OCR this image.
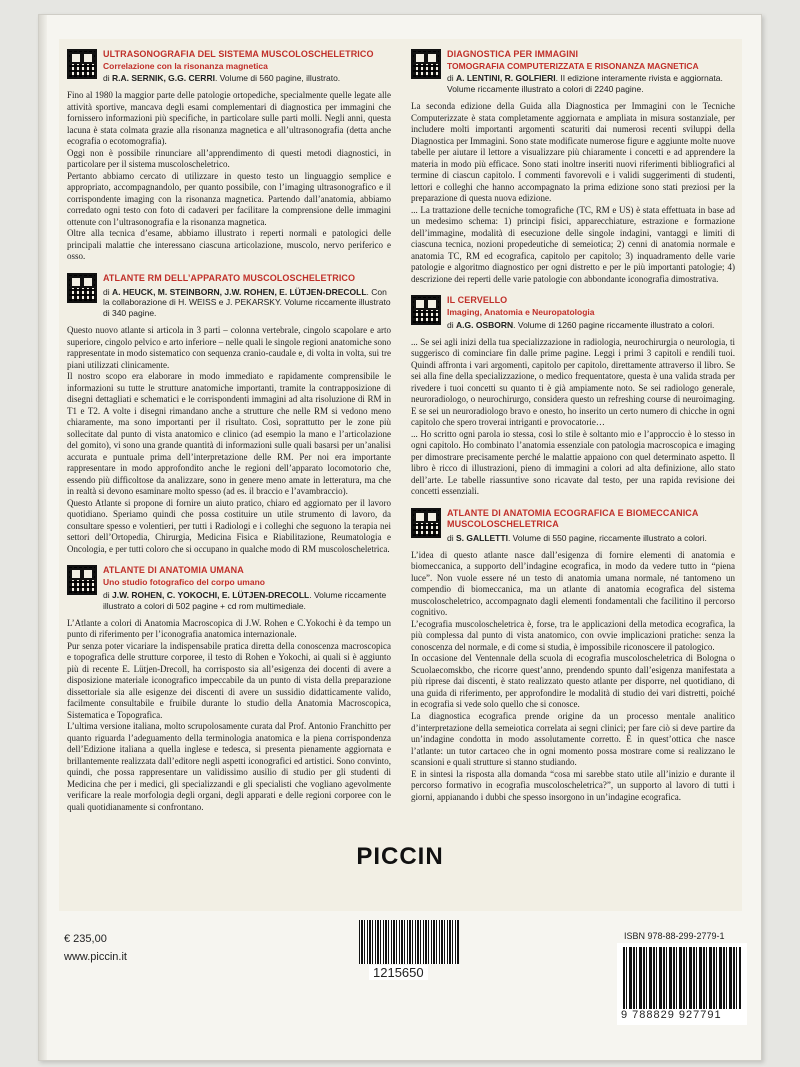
ULTRASONOGRAFIA DEL SISTEMA MUSCOLOSCHELETRICO
Correlazione con la risonanza magnetica
di R.A. SERNIK, G.G. CERRI. Volume di 560 pagine, illustrato.

Fino al 1980 la maggior parte delle patologie ortopediche, specialmente quelle legate alle attività sportive, mancava degli esami complementari di diagnostica per immagini che fornissero informazioni più specifiche, in particolare sulle parti molli. Negli anni, questa lacuna è stata colmata grazie alla risonanza magnetica e all’ultrasonografia (detta anche ecografia o ecotomografia).

Oggi non è possibile rinunciare all’apprendimento di questi metodi diagnostici, in particolare per il sistema muscoloscheletrico.

Pertanto abbiamo cercato di utilizzare in questo testo un linguaggio semplice e appropriato, accompagnandolo, per quanto possibile, con l’imaging ultrasonografico e il corrispondente imaging con la risonanza magnetica. Partendo dall’anatomia, abbiamo corredato ogni testo con foto di cadaveri per facilitare la comprensione delle immagini ottenute con l’ultrasonografia e la risonanza magnetica.

Oltre alla tecnica d’esame, abbiamo illustrato i reperti normali e patologici delle principali malattie che interessano ciascuna articolazione, muscolo, nervo periferico e osso.

ATLANTE RM DELL’APPARATO MUSCOLOSCHELETRICO
di A. HEUCK, M. STEINBORN, J.W. ROHEN, E. LÜTJEN-DRECOLL. Con la collaborazione di H. WEISS e J. PEKARSKY. Volume riccamente illustrato di 340 pagine.

Questo nuovo atlante si articola in 3 parti – colonna vertebrale, cingolo scapolare e arto superiore, cingolo pelvico e arto inferiore – nelle quali le singole regioni anatomiche sono rappresentate in modo sistematico con sequenza cranio-caudale e, di volta in volta, sui tre piani utilizzati clinicamente.

Il nostro scopo era elaborare in modo immediato e rapidamente comprensibile le informazioni su tutte le strutture anatomiche importanti, tramite la contrapposizione di disegni dettagliati e schematici e le corrispondenti immagini ad alta risoluzione di RM in T1 e T2. A volte i disegni rimandano anche a strutture che nelle RM si vedono meno chiaramente, ma sono importanti per il risultato. Così, soprattutto per le zone più sollecitate dal punto di vista anatomico e clinico (ad esempio la mano e l’articolazione del gomito), vi sono una grande quantità di informazioni sulle quali basarsi per un’analisi accurata e puntuale prima dell’interpretazione delle RM. Per noi era importante rappresentare in modo approfondito anche le regioni dell’apparato locomotorio che, essendo più difficoltose da analizzare, sono in genere meno amate in letteratura, ma che in realtà si devono esaminare molto spesso (ad es. il braccio e l’avambraccio).

Questo Atlante si propone di fornire un aiuto pratico, chiaro ed aggiornato per il lavoro quotidiano. Speriamo quindi che possa costituire un utile strumento di lavoro, da consultare spesso e volentieri, per tutti i Radiologi e i colleghi che seguono la terapia nei settori dell’Ortopedia, Chirurgia, Medicina Fisica e Riabilitazione, Reumatologia e Oncologia, e per tutti coloro che si occupano in qualche modo di RM muscoloscheletrica.

ATLANTE DI ANATOMIA UMANA
Uno studio fotografico del corpo umano
di J.W. ROHEN, C. YOKOCHI, E. LÜTJEN-DRECOLL. Volume riccamente illustrato a colori di 502 pagine + cd rom multimediale.

L’Atlante a colori di Anatomia Macroscopica di J.W. Rohen e C.Yokochi è da tempo un punto di riferimento per l’iconografia anatomica internazionale.

Pur senza poter vicariare la indispensabile pratica diretta della conoscenza macroscopica e topografica delle strutture corporee, il testo di Rohen e Yokochi, ai quali si è aggiunto più di recente E. Lütjen-Drecoll, ha corrisposto sia all’esigenza dei docenti di avere a disposizione materiale iconografico impeccabile da un punto di vista della preparazione dissettoriale sia alle esigenze dei discenti di avere un sussidio didatticamente valido, facilmente consultabile e fruibile durante lo studio della Anatomia Macroscopica, Sistematica e Topografica.

L’ultima versione italiana, molto scrupolosamente curata dal Prof. Antonio Franchitto per quanto riguarda l’adeguamento della terminologia anatomica e la piena corrispondenza dell’Edizione italiana a quella inglese e tedesca, si presenta pienamente aggiornata e brillantemente realizzata dall’editore negli aspetti iconografici ed artistici. Sono convinto, quindi, che possa rappresentare un validissimo ausilio di studio per gli studenti di Medicina che per i medici, gli specializzandi e gli specialisti che vogliano agevolmente verificare la reale morfologia degli organi, degli apparati e delle regioni corporee con le quali quotidianamente si confrontano.

DIAGNOSTICA PER IMMAGINI
TOMOGRAFIA COMPUTERIZZATA E RISONANZA MAGNETICA
di A. LENTINI, R. GOLFIERI. II edizione interamente rivista e aggiornata. Volume riccamente illustrato a colori di 2240 pagine.

La seconda edizione della Guida alla Diagnostica per Immagini con le Tecniche Computerizzate è stata completamente aggiornata e ampliata in misura sostanziale, per includere molti importanti argomenti scaturiti dai numerosi recenti sviluppi della Diagnostica per Immagini. Sono state modificate numerose figure e aggiunte molte nuove tabelle per aiutare il lettore a visualizzare più chiaramente i concetti e ad apprendere la materia in modo più efficace. Sono stati inoltre inseriti nuovi riferimenti bibliografici al termine di ciascun capitolo. I commenti favorevoli e i validi suggerimenti di studenti, lettori e colleghi che hanno accompagnato la prima edizione sono stati preziosi per la preparazione di questa nuova edizione.

... La trattazione delle tecniche tomografiche (TC, RM e US) è stata effettuata in base ad un medesimo schema: 1) principi fisici, apparecchiature, estrazione e formazione dell’immagine, modalità di esecuzione delle singole indagini, vantaggi e limiti di ciascuna tecnica, nozioni propedeutiche di semeiotica; 2) cenni di anatomia normale e anatomia TC, RM ed ecografica, capitolo per capitolo; 3) inquadramento delle varie patologie e algoritmo diagnostico per ogni distretto e per le più importanti patologie; 4) descrizione dei reperti delle varie patologie con abbondante iconografia dimostrativa.

IL CERVELLO
Imaging, Anatomia e Neuropatologia
di A.G. OSBORN. Volume di 1260 pagine riccamente illustrato a colori.

... Se sei agli inizi della tua specializzazione in radiologia, neurochirurgia o neurologia, ti suggerisco di cominciare fin dalle prime pagine. Leggi i primi 3 capitoli e rendili tuoi. Quindi affronta i vari argomenti, capitolo per capitolo, direttamente attraverso il libro. Se sei alla fine della specializzazione, o medico frequentatore, questa è una valida strada per rivedere i tuoi concetti su quanto ti è già ampiamente noto. Se sei radiologo generale, neuroradiologo, o neurochirurgo, considera questo un refreshing course di neuroimaging. E se sei un neuroradiologo bravo e onesto, ho inserito un certo numero di chicche in ogni capitolo che spero troverai intriganti e provocatorie…

... Ho scritto ogni parola io stessa, così lo stile è soltanto mio e l’approccio è lo stesso in ogni capitolo. Ho combinato l’anatomia essenziale con patologia macroscopica e imaging per dimostrare precisamente perché le malattie appaiono con quel determinato aspetto. Il libro è ricco di illustrazioni, pieno di immagini a colori ad alta definizione, allo stato dell’arte. Le tabelle riassuntive sono ricavate dal testo, per una rapida revisione dei concetti essenziali.

ATLANTE DI ANATOMIA ECOGRAFICA E BIOMECCANICA MUSCOLOSCHELETRICA
di S. GALLETTI. Volume di 550 pagine, riccamente illustrato a colori.

L’idea di questo atlante nasce dall’esigenza di fornire elementi di anatomia e biomeccanica, a supporto dell’indagine ecografica, in modo da vedere tutto in “piena luce”. Non vuole essere né un testo di anatomia umana normale, né tantomeno un compendio di biomeccanica, ma un atlante di anatomia ecografica del sistema muscoloscheletrico, accompagnato dagli elementi fondamentali che facilitino il percorso cognitivo.

L’ecografia muscoloscheletrica è, forse, tra le applicazioni della metodica ecografica, la più complessa dal punto di vista anatomico, con ovvie implicazioni pratiche: senza la conoscenza del normale, e di come si studia, è impossibile riconoscere il patologico.

In occasione del Ventennale della scuola di ecografia muscoloscheletrica di Bologna o Scuolaecomskbo, che ricorre quest’anno, prendendo spunto dall’esigenza manifestata a più riprese dai discenti, è stato realizzato questo atlante per disporre, nel quotidiano, di una guida di riferimento, per approfondire le modalità di studio dei vari distretti, poiché in ecografia si vede solo quello che si conosce.

La diagnostica ecografica prende origine da un processo mentale analitico d’interpretazione della semeiotica correlata ai segni clinici; per fare ciò si deve partire da un’indagine condotta in modo assolutamente corretto. È in quest’ottica che nasce l’atlante: un tutor cartaceo che in ogni momento possa mostrare come si realizzano le scansioni e quali strutture si stanno studiando.

E in sintesi la risposta alla domanda “cosa mi sarebbe stato utile all’inizio e durante il percorso formativo in ecografia muscoloscheletrica?”, un supporto al lavoro di tutti i giorni, appianando i dubbi che spesso insorgono in un’indagine ecografica.

PICCIN
€ 235,00
www.piccin.it
1215650
ISBN 978-88-299-2779-1
9 788829 927791
